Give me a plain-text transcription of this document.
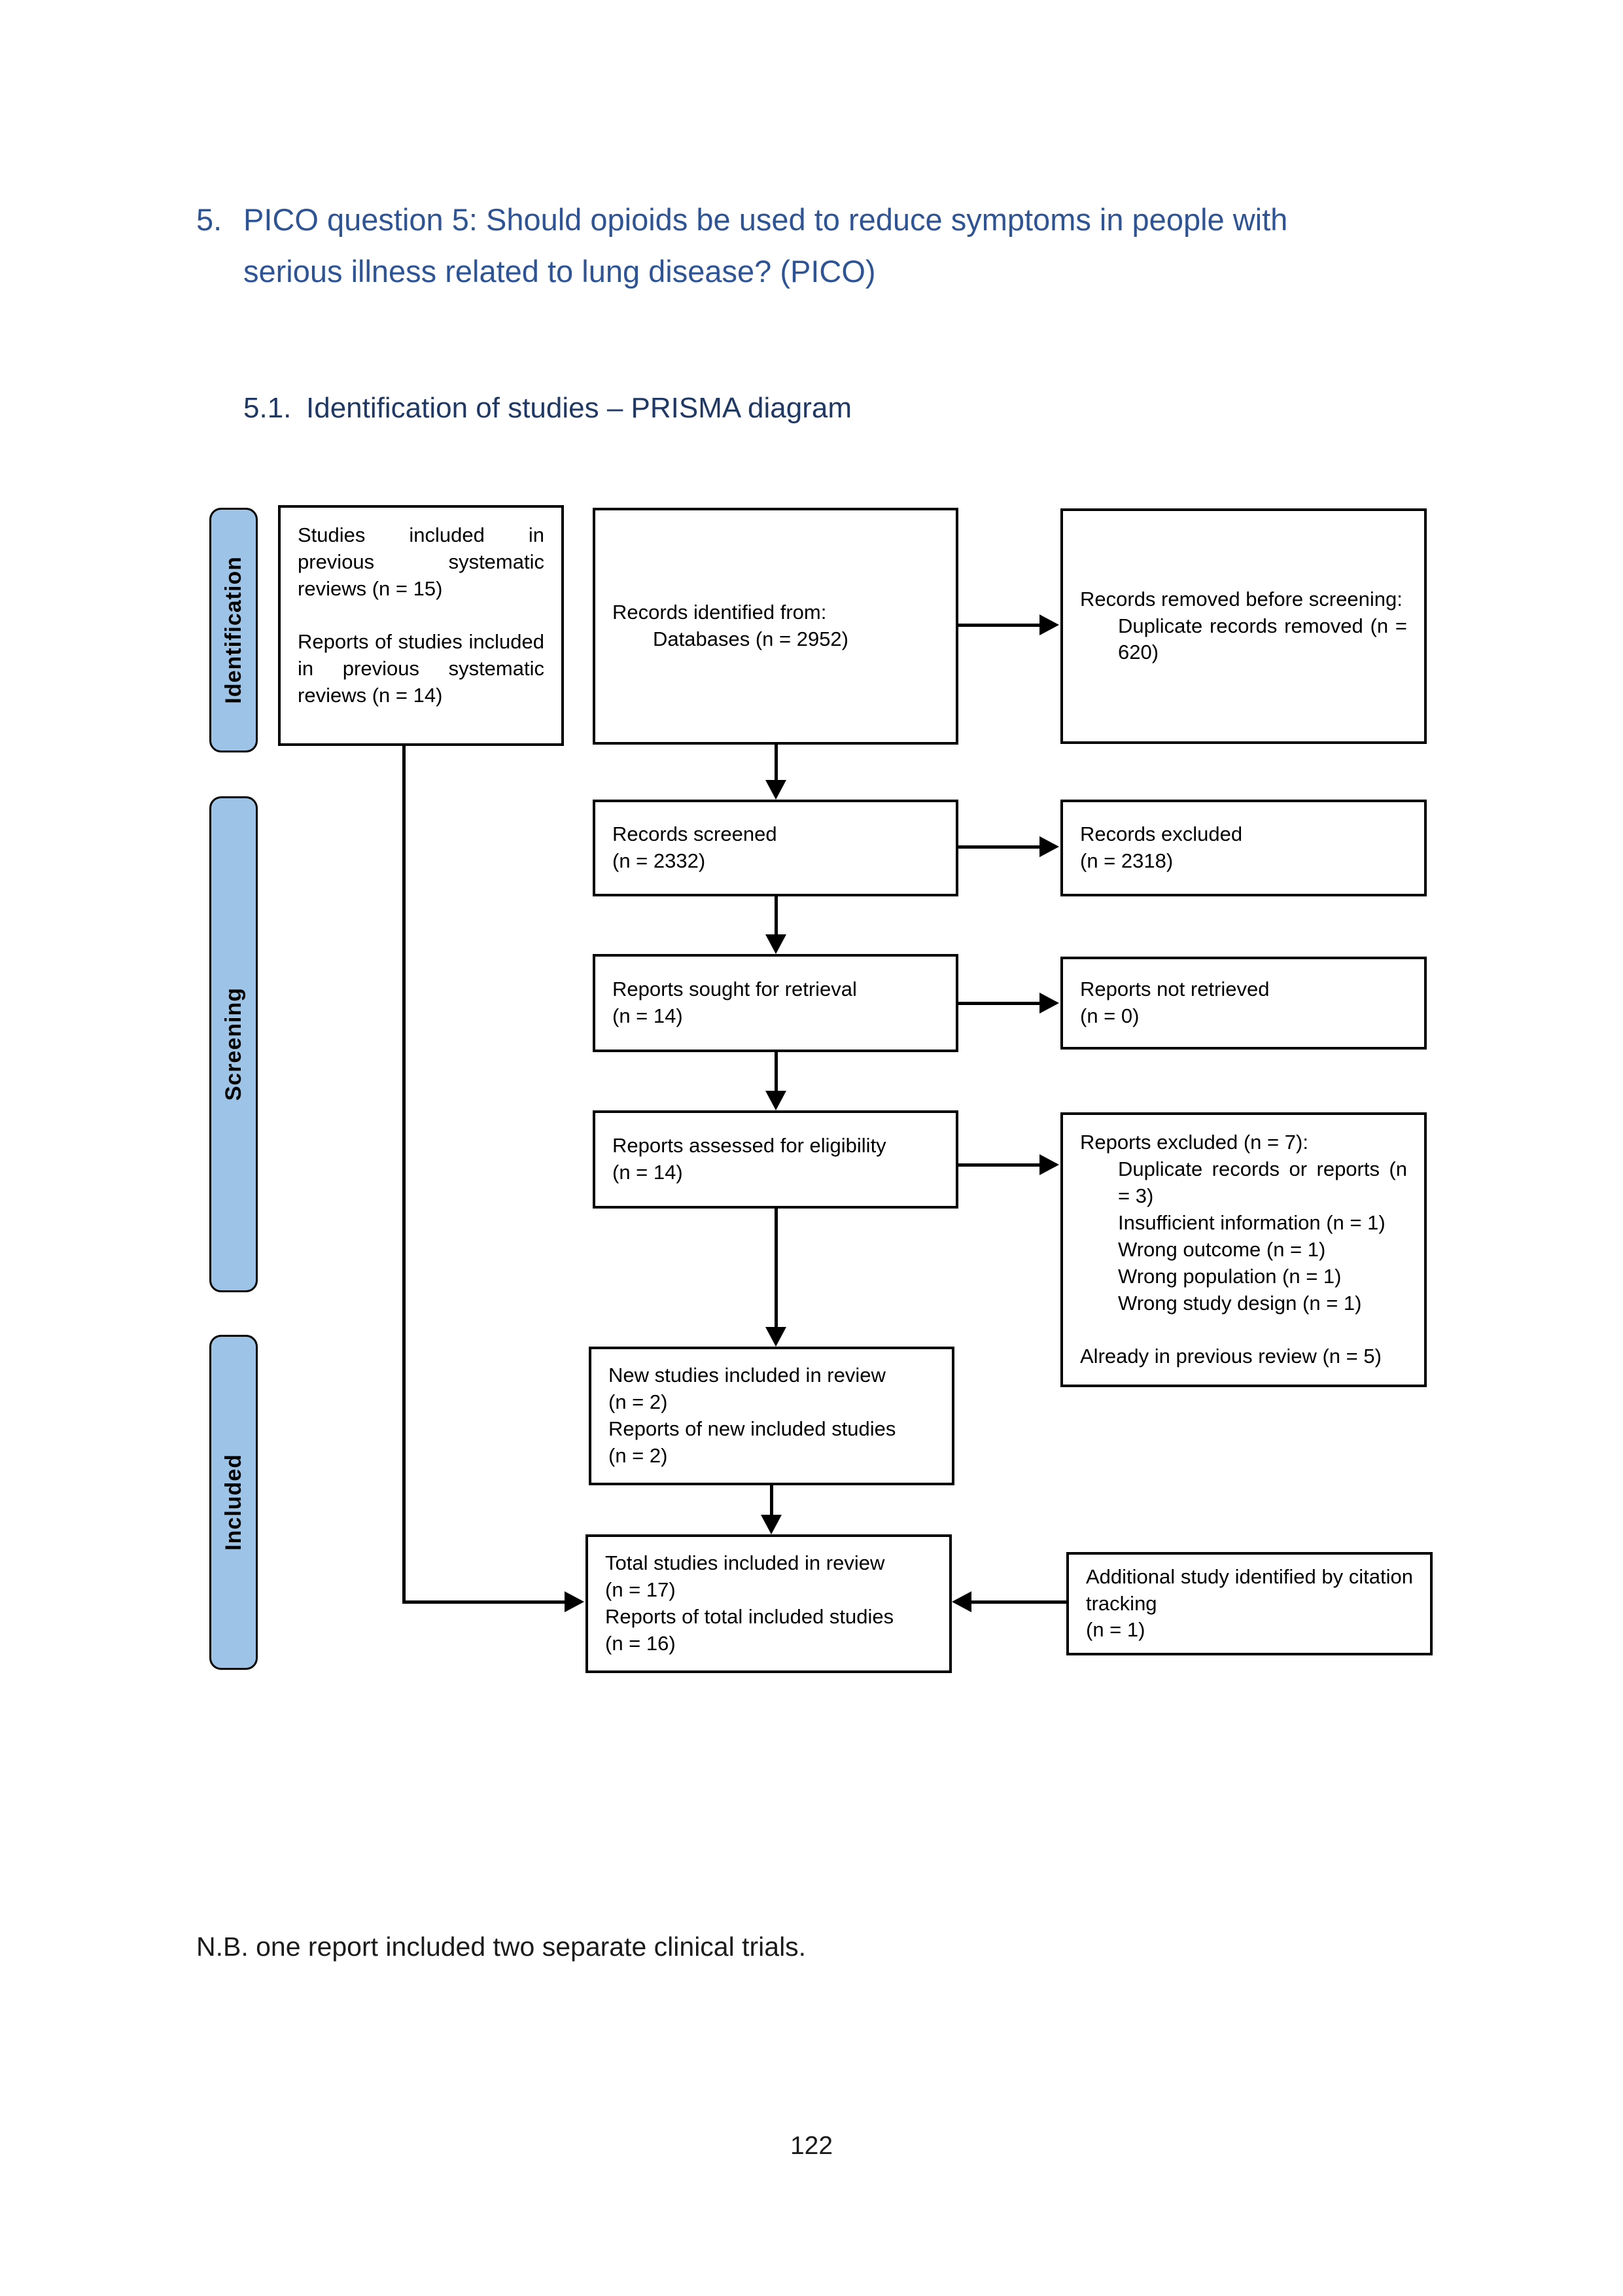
5. PICO question 5: Should opioids be used to reduce symptoms in people with
serious illness related to lung disease? (PICO)
5.1. Identification of studies – PRISMA diagram
Identification
Screening
Included
Studies included in previous systematic reviews (n = 15)
Reports of studies included in previous systematic reviews (n = 14)
Records identified from:
Databases (n = 2952)
Records removed before screening:
Duplicate records removed (n = 620)
Records screened
(n = 2332)
Records excluded
(n = 2318)
Reports sought for retrieval
(n = 14)
Reports not retrieved
(n = 0)
Reports assessed for eligibility
(n = 14)
Reports excluded (n = 7):
Duplicate records or reports (n = 3)
Insufficient information (n = 1)
Wrong outcome (n = 1)
Wrong population (n = 1)
Wrong study design (n = 1)
Already in previous review (n = 5)
New studies included in review
(n = 2)
Reports of new included studies
(n = 2)
Total studies included in review
(n = 17)
Reports of total included studies
(n = 16)
Additional study identified by citation tracking
(n = 1)
N.B. one report included two separate clinical trials.
122
